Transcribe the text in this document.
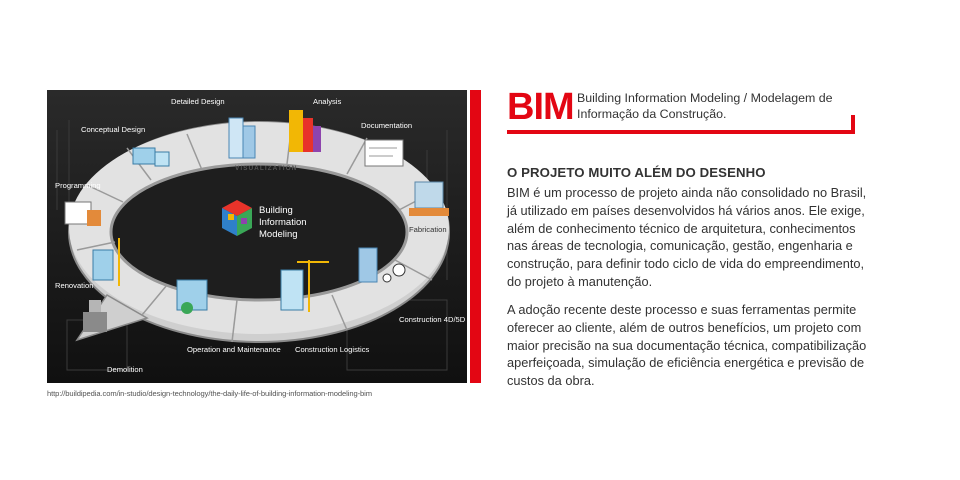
VISUALIZATION
Building
Information
Modeling
Detailed Design	Analysis
Documentation
Fabrication
Construction 4D/5D
Construction Logistics
Operation and Maintenance
Demolition
Renovation
Programming
Conceptual Design
http://buildipedia.com/in-studio/design-technology/the-daily-life-of-building-information-modeling-bim
BIM Building Information Modeling / Modelagem de Informação da Construção.
O PROJETO MUITO ALÉM DO DESENHO

BIM é um processo de projeto ainda não consolidado no Brasil, já utilizado em países desenvolvidos há vários anos. Ele exige, além de conhecimento técnico de arquitetura, conhecimentos nas áreas de tecnologia, comunicação, gestão, engenharia e construção, para definir todo ciclo de vida do empreendimento, do projeto à manutenção.

A adoção recente deste processo e suas ferramentas permite oferecer ao cliente, além de outros benefícios, um projeto com maior precisão na sua documentação técnica, compatibilização aperfeiçoada, simulação de eficiência energética e previsão de custos da obra.
